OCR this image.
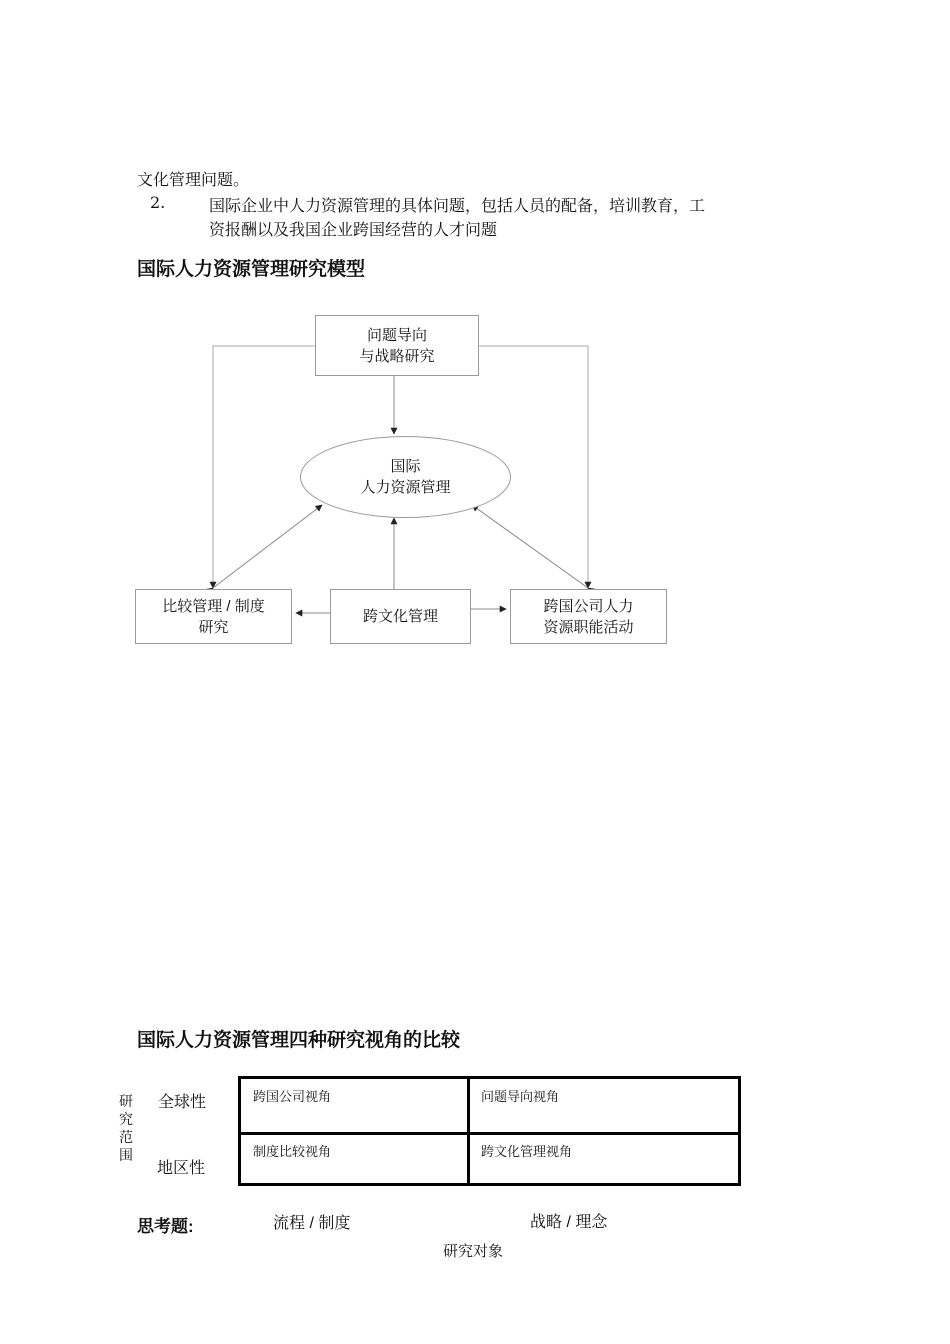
文化管理问题。
2.	国际企业中人力资源管理的具体问题，包括人员的配备，培训教育，工
资报酬以及我国企业跨国经营的人才问题
国际人力资源管理研究模型
问题导向
与战略研究
国际
人力资源管理
比较管理 / 制度
研究
跨文化管理
跨国公司人力
资源职能活动
国际人力资源管理四种研究视角的比较
研
究
范
围
全球性
地区性
跨国公司视角	问题导向视角
制度比较视角	跨文化管理视角
思考题:	流程 / 制度	战略 / 理念
研究对象
